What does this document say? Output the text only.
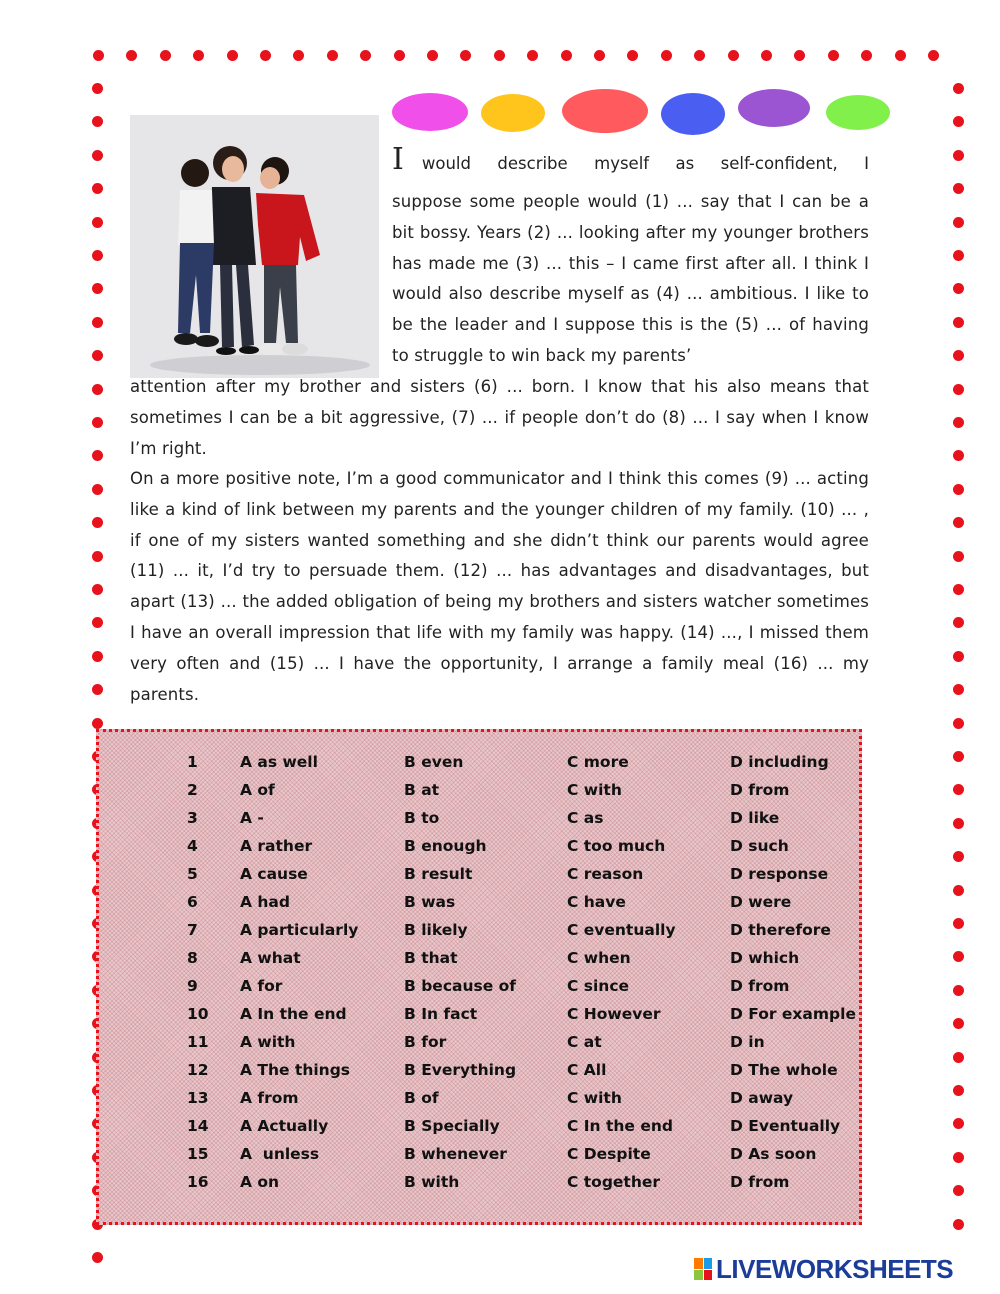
I would describe myself as self-confident, I
suppose some people would (1) ... say that I can be a bit bossy. Years (2) ... looking after my younger brothers has made me (3) ... this – I came first after all. I think I would also describe myself as (4) ... ambitious. I like to be the leader and I suppose this is the (5) ... of having to struggle to win back my parents’
attention after my brother and sisters (6) ... born. I know that his also means that sometimes I can be a bit aggressive, (7) ... if people don’t do (8) ... I say when I know I’m right.
On a more positive note, I’m a good communicator and I think this comes (9) ... acting like a kind of link between my parents and the younger children of my family. (10) ... , if one of my sisters wanted something and she didn’t think our parents would agree (11) ... it, I’d try to persuade them. (12) ... has advantages and disadvantages, but apart (13) ... the added obligation of being my brothers and sisters watcher sometimes I have an overall impression that life with my family was happy. (14) ..., I missed them very often and (15) ... I have the opportunity, I arrange a family meal (16) ... my parents.
1	A as well	B even	C more	D including
2	A of	B at	C with	D from
3	A -	B to	C as	D like
4	A rather	B enough	C too much	D such
5	A cause	B result	C reason	D response
6	A had	B was	C have	D were
7	A particularly	B likely	C eventually	D therefore
8	A what	B that	C when	D which
9	A for	B because of	C since	D from
10 A In the end	B In fact	C However	D For example
11 A with	B for	C at	D in
12 A The things	B Everything	C All	D The whole
13 A from	B of	C with	D away
14 A Actually	B Specially	C In the end	D Eventually
15 A  unless	B whenever	C Despite	D As soon
16 A on	B with	C together	D from
LIVEWORKSHEETS
